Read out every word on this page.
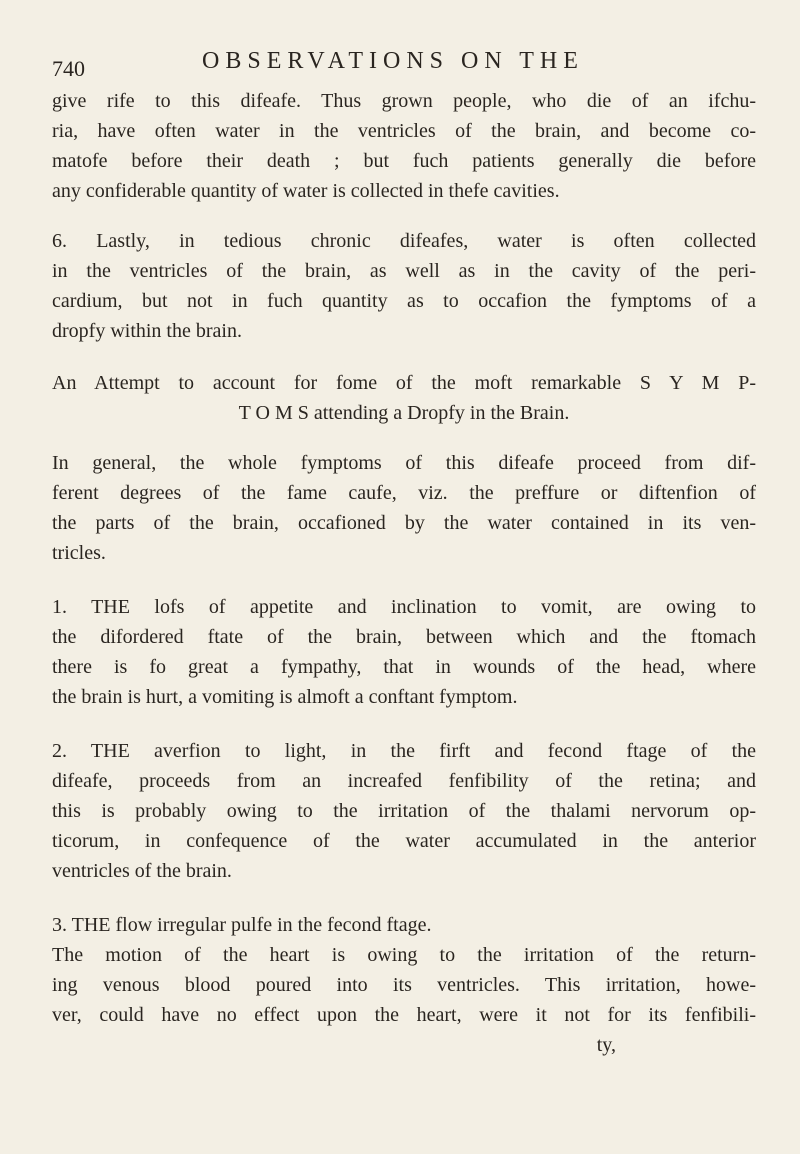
740	OBSERVATIONS ON THE
give rife to this difeafe. Thus grown people, who die of an ifchu-
ria, have often water in the ventricles of the brain, and become co-
matofe before their death ; but fuch patients generally die before
any confiderable quantity of water is collected in thefe cavities.
6. Lastly, in tedious chronic difeafes, water is often collected
in the ventricles of the brain, as well as in the cavity of the peri-
cardium, but not in fuch quantity as to occafion the fymptoms of a
dropfy within the brain.
An Attempt to account for fome of the moft remarkable S Y M P-
T O M S attending a Dropfy in the Brain.
In general, the whole fymptoms of this difeafe proceed from dif-
ferent degrees of the fame caufe, viz. the preffure or diftenfion of
the parts of the brain, occafioned by the water contained in its ven-
tricles.
1. THE lofs of appetite and inclination to vomit, are owing to
the difordered ftate of the brain, between which and the ftomach
there is fo great a fympathy, that in wounds of the head, where
the brain is hurt, a vomiting is almoft a conftant fymptom.
2. THE averfion to light, in the firft and fecond ftage of the
difeafe, proceeds from an increafed fenfibility of the retina; and
this is probably owing to the irritation of the thalami nervorum op-
ticorum, in confequence of the water accumulated in the anterior
ventricles of the brain.
3. THE flow irregular pulfe in the fecond ftage.
The motion of the heart is owing to the irritation of the return-
ing venous blood poured into its ventricles. This irritation, howe-
ver, could have no effect upon the heart, were it not for its fenfibili-
ty,
